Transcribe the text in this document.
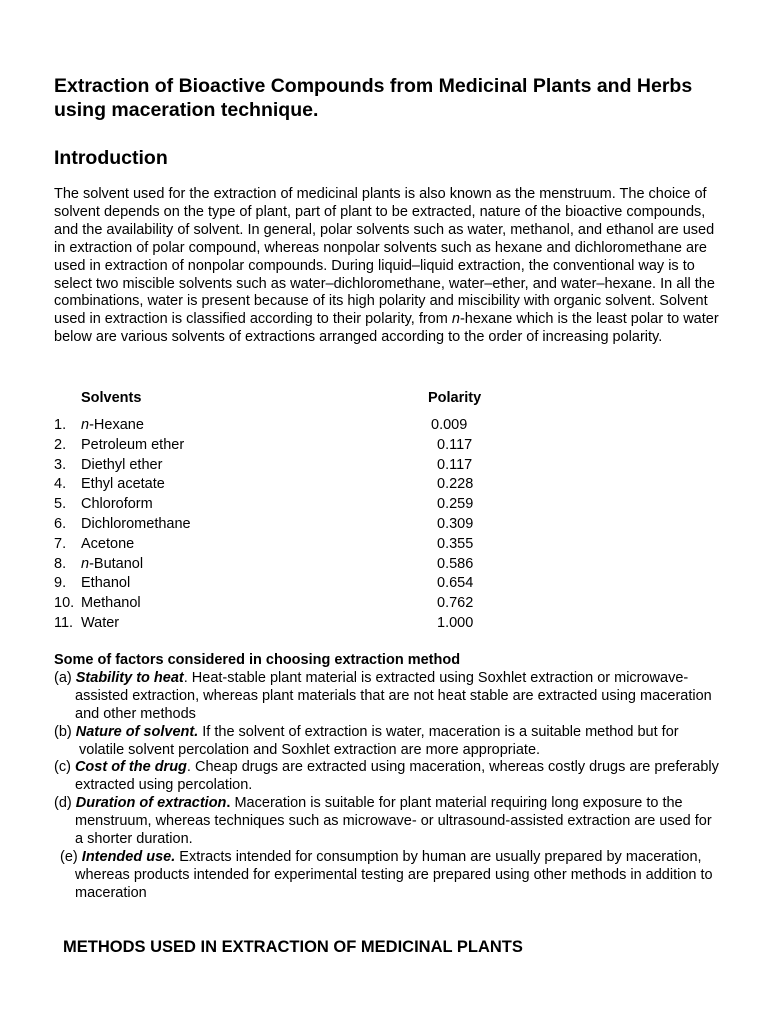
Extraction of Bioactive Compounds from Medicinal Plants and Herbs using maceration technique.
Introduction

The solvent used for the extraction of medicinal plants is also known as the menstruum. The choice of solvent depends on the type of plant, part of plant to be extracted, nature of the bioactive compounds, and the availability of solvent. In general, polar solvents such as water, methanol, and ethanol are used in extraction of polar compound, whereas nonpolar solvents such as hexane and dichloromethane are used in extraction of nonpolar compounds. During liquid–liquid extraction, the conventional way is to select two miscible solvents such as water–dichloromethane, water–ether, and water–hexane. In all the combinations, water is present because of its high polarity and miscibility with organic solvent. Solvent used in extraction is classified according to their polarity, from n-hexane which is the least polar to water below are various solvents of extractions arranged according to the order of increasing polarity.

Solvents	Polarity
1. n-Hexane	0.009
2. Petroleum ether	0.117
3. Diethyl ether	0.117
4. Ethyl acetate	0.228
5. Chloroform	0.259
6. Dichloromethane	0.309
7. Acetone	0.355
8. n-Butanol	0.586
9. Ethanol	0.654
10. Methanol	0.762
11. Water	1.000

Some of factors considered in choosing extraction method

(a) Stability to heat. Heat-stable plant material is extracted using Soxhlet extraction or microwave-assisted extraction, whereas plant materials that are not heat stable are extracted using maceration and other methods

(b) Nature of solvent. If the solvent of extraction is water, maceration is a suitable method but for volatile solvent percolation and Soxhlet extraction are more appropriate.

(c) Cost of the drug. Cheap drugs are extracted using maceration, whereas costly drugs are preferably extracted using percolation.

(d) Duration of extraction. Maceration is suitable for plant material requiring long exposure to the menstruum, whereas techniques such as microwave- or ultrasound-assisted extraction are used for a shorter duration.

(e) Intended use. Extracts intended for consumption by human are usually prepared by maceration, whereas products intended for experimental testing are prepared using other methods in addition to maceration

METHODS USED IN EXTRACTION OF MEDICINAL PLANTS
